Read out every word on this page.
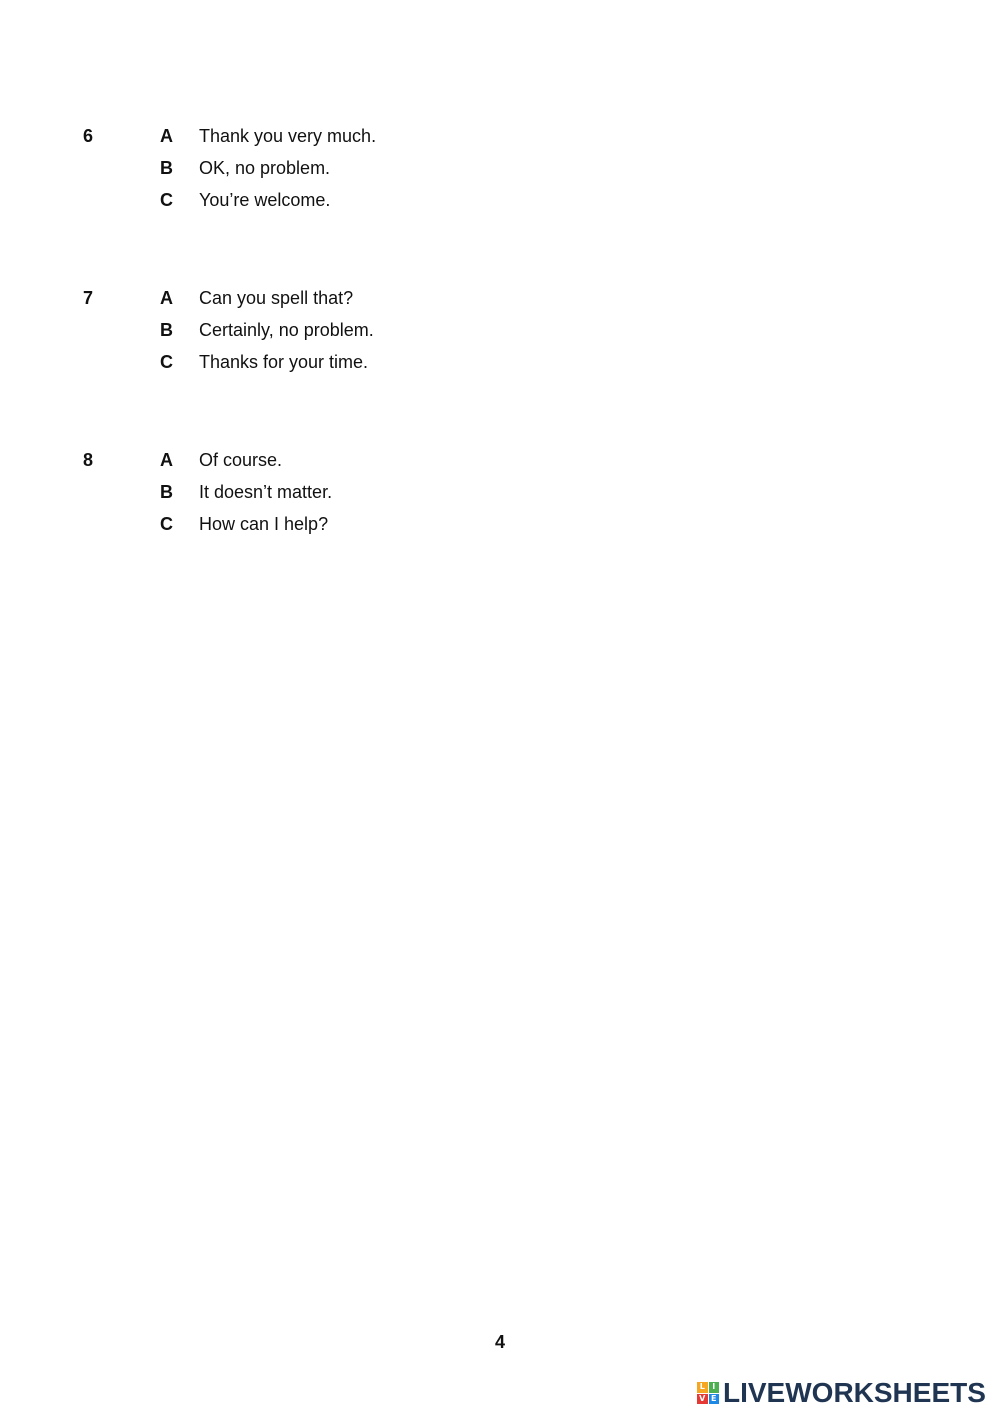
6	A Thank you very much.
B OK, no problem.
C You’re welcome.
7	A Can you spell that?
B Certainly, no problem.
C Thanks for your time.
8	A Of course.
B It doesn’t matter.
C How can I help?
4
L I
V E LIVEWORKSHEETS
